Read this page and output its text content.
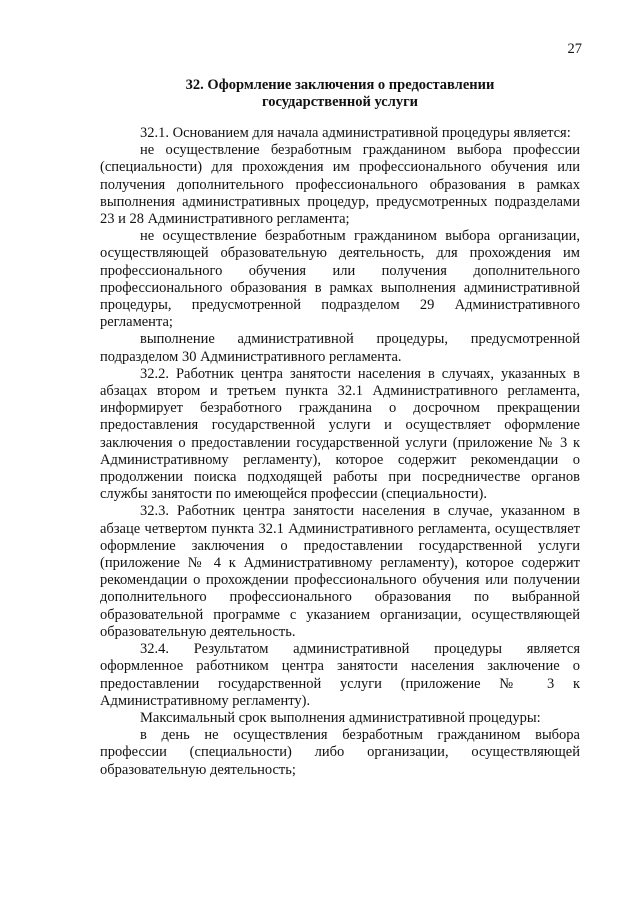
27
32. Оформление заключения о предоставлении
государственной услуги

32.1. Основанием для начала административной процедуры является:

не осуществление безработным гражданином выбора профессии (специальности) для прохождения им профессионального обучения или получения дополнительного профессионального образования в рамках выполнения административных процедур, предусмотренных подразделами 23 и 28 Административного регламента;

не осуществление безработным гражданином выбора организации, осуществляющей образовательную деятельность, для прохождения им профессионального обучения или получения дополнительного профессионального образования в рамках выполнения административной процедуры, предусмотренной подразделом 29 Административного регламента;

выполнение административной процедуры, предусмотренной подразделом 30 Административного регламента.

32.2. Работник центра занятости населения в случаях, указанных в абзацах втором и третьем пункта 32.1 Административного регламента, информирует безработного гражданина о досрочном прекращении предоставления государственной услуги и осуществляет оформление заключения о предоставлении государственной услуги (приложение № 3 к Административному регламенту), которое содержит рекомендации о продолжении поиска подходящей работы при посредничестве органов службы занятости по имеющейся профессии (специальности).

32.3. Работник центра занятости населения в случае, указанном в абзаце четвертом пункта 32.1 Административного регламента, осуществляет оформление заключения о предоставлении государственной услуги (приложение № 4 к Административному регламенту), которое содержит рекомендации о прохождении профессионального обучения или получении дополнительного профессионального образования по выбранной образовательной программе с указанием организации, осуществляющей образовательную деятельность.

32.4. Результатом административной процедуры является оформленное работником центра занятости населения заключение о предоставлении государственной услуги (приложение № 3 к Административному регламенту).

Максимальный срок выполнения административной процедуры:

в день не осуществления безработным гражданином выбора профессии (специальности) либо организации, осуществляющей образовательную деятельность;
